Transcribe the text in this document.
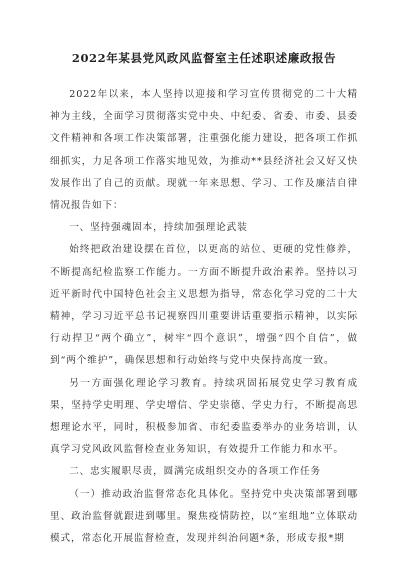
2022年某县党风政风监督室主任述职述廉政报告

2022年以来，本人坚持以迎接和学习宣传贯彻党的二十大精神为主线，全面学习贯彻落实党中央、中纪委、省委、市委、县委文件精神和各项工作决策部署，注重强化能力建设，把各项工作抓细抓实，力足各项工作落实地见效，为推动**县经济社会又好又快发展作出了自己的贡献。现就一年来思想、学习、工作及廉洁自律情况报告如下：

一、坚持强魂固本，持续加强理论武装

始终把政治建设摆在首位，以更高的站位、更硬的党性修养，不断提高纪检监察工作能力。一方面不断提升政治素养。坚持以习近平新时代中国特色社会主义思想为指导，常态化学习党的二十大精神，学习习近平总书记视察四川重要讲话重要指示精神，以实际行动捍卫“两个确立”，树牢“四个意识”，增强“四个自信”，做到“两个维护”，确保思想和行动始终与党中央保持高度一致。

另一方面强化理论学习教育。持续巩固拓展党史学习教育成果，坚持学史明理、学史增信、学史崇德、学史力行，不断提高思想理论水平，同时，积极参加省、市纪委监委举办的业务培训，认真学习党风政风监督检查业务知识，有效提升工作能力和水平。

二、忠实履职尽责，圆满完成组织交办的各项工作任务

（一）推动政治监督常态化具体化。坚持党中央决策部署到哪里、政治监督就跟进到哪里。聚焦疫情防控，以“室组地”立体联动模式，常态化开展监督检查，发现并纠治问题*条，形成专报*期
